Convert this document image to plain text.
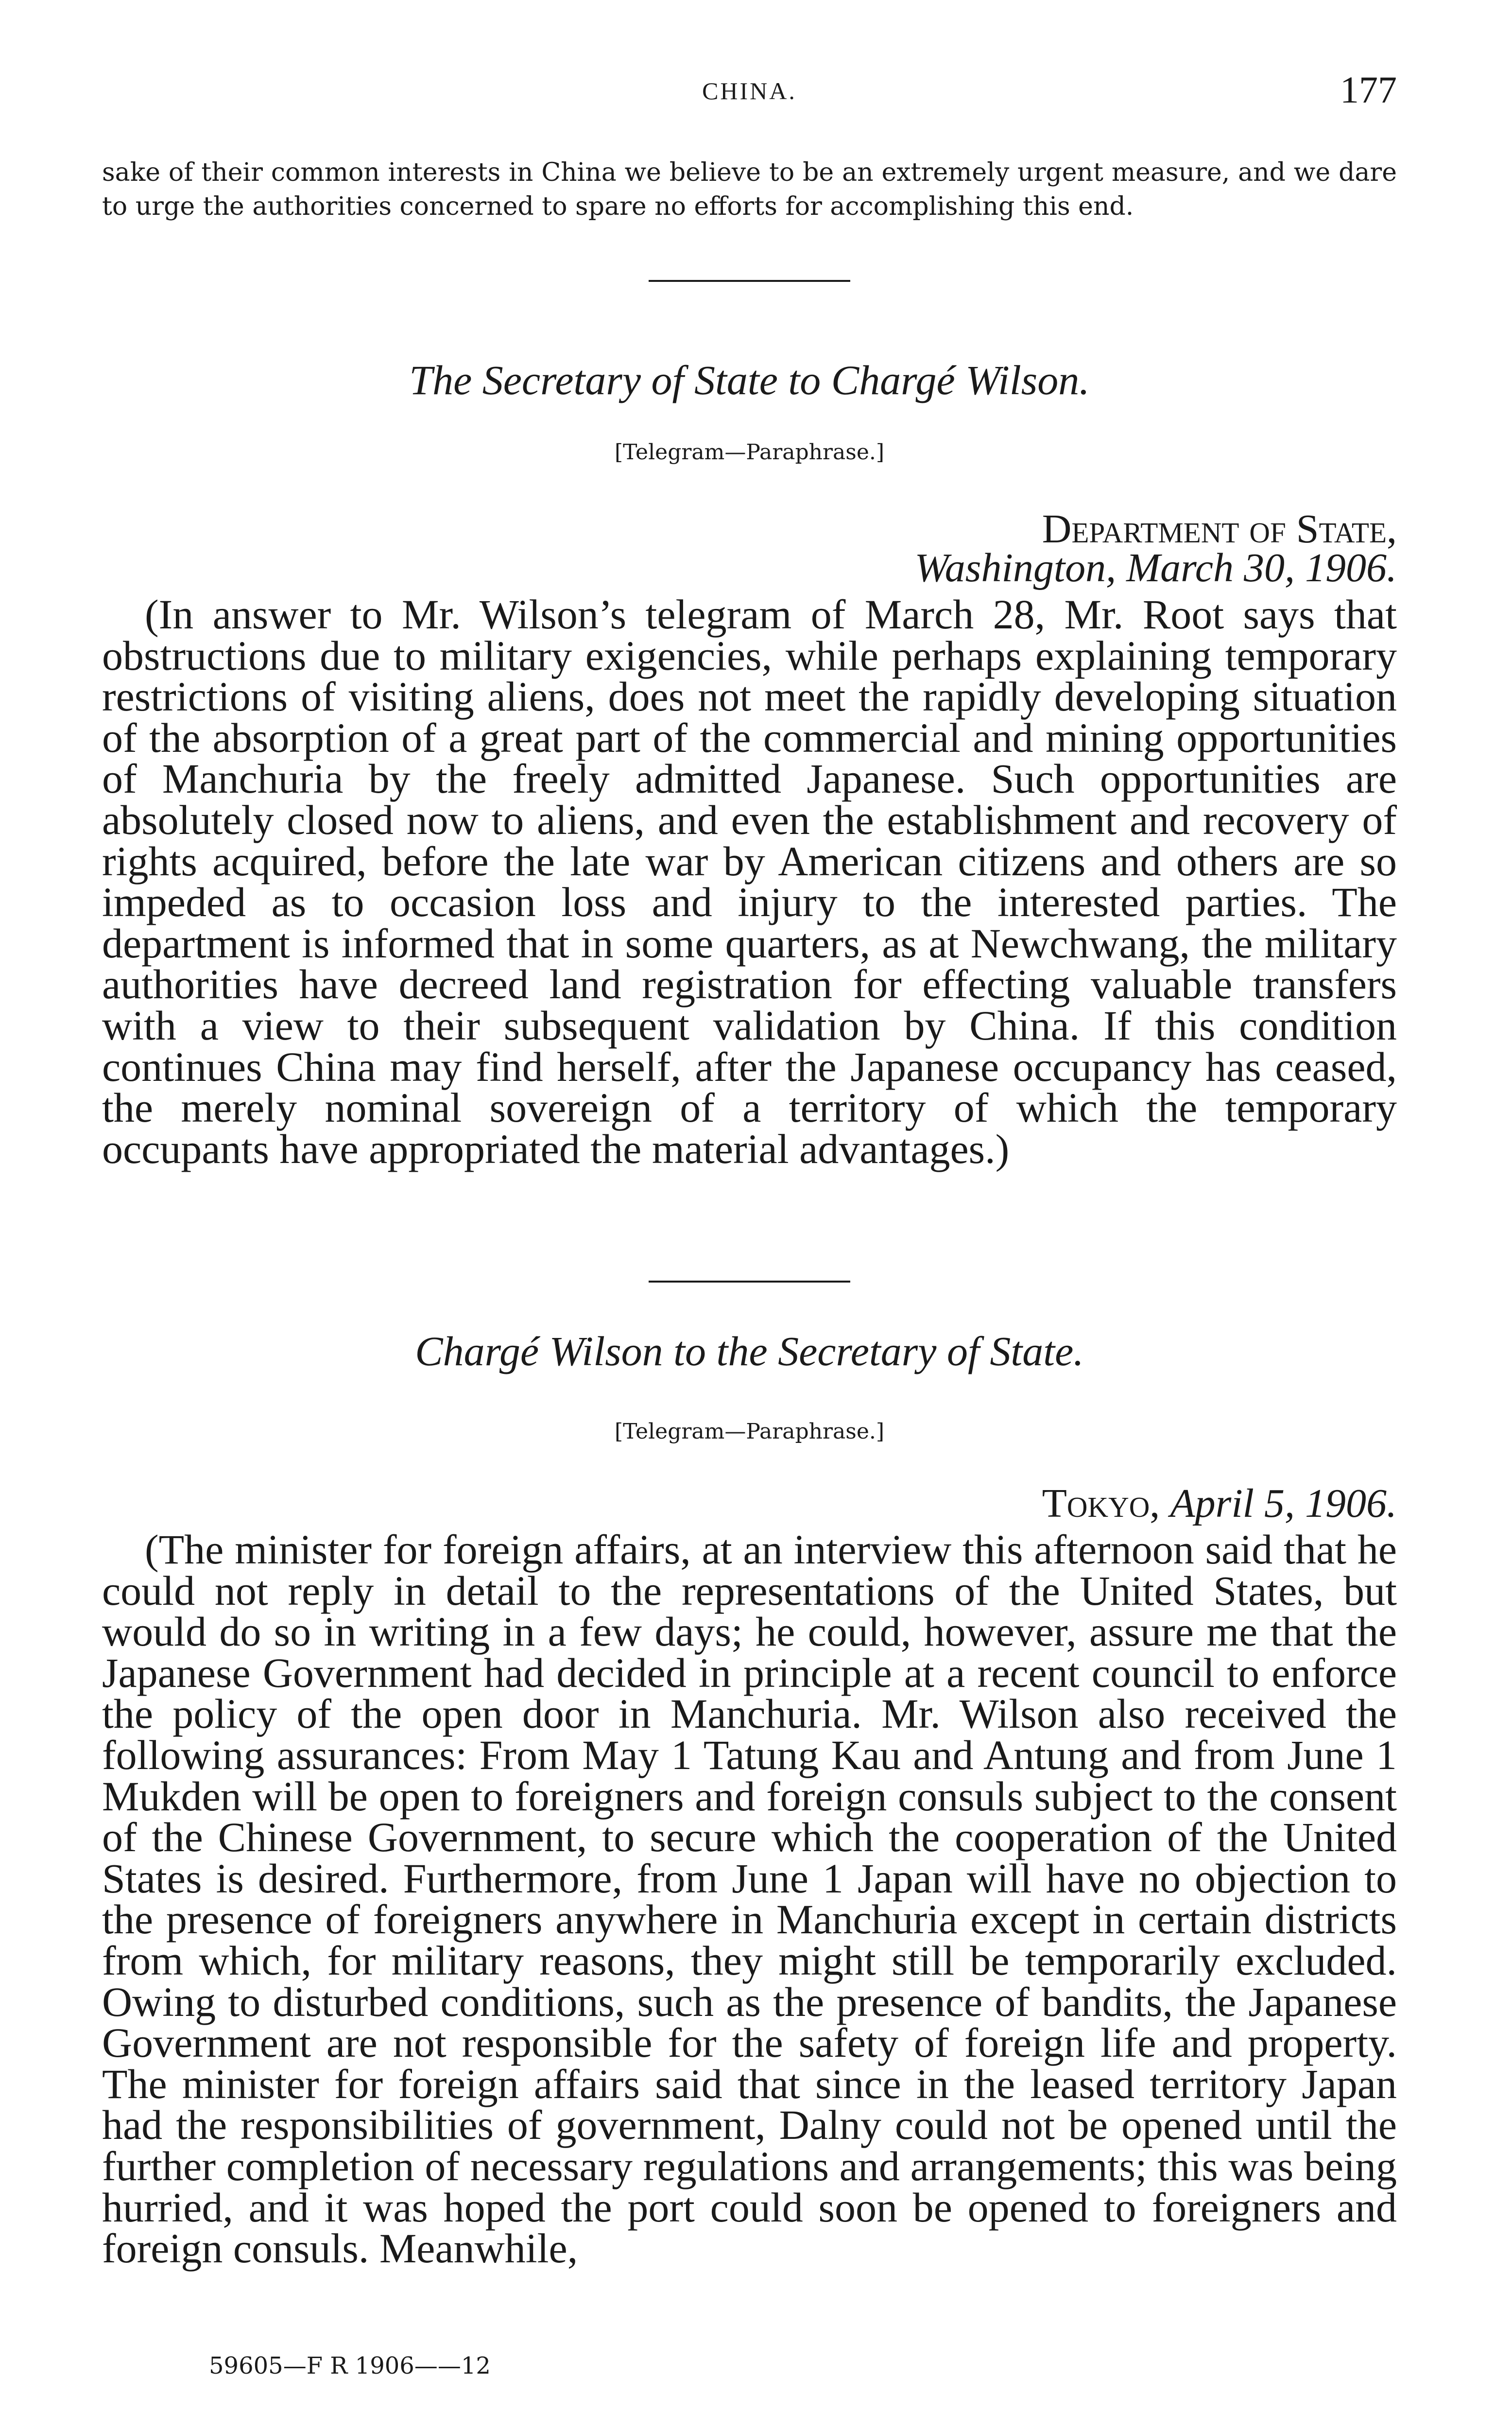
CHINA.	177
sake of their common interests in China we believe to be an extremely urgent measure, and we dare to urge the authorities concerned to spare no efforts for accomplishing this end.
The Secretary of State to Chargé Wilson.
[Telegram—Paraphrase.]
Department of State,
Washington, March 30, 1906.

(In answer to Mr. Wilson’s telegram of March 28, Mr. Root says that obstructions due to military exigencies, while perhaps explaining temporary restrictions of visiting aliens, does not meet the rapidly developing situation of the absorption of a great part of the commercial and mining opportunities of Manchuria by the freely admitted Japanese. Such opportunities are absolutely closed now to aliens, and even the establishment and recovery of rights acquired, before the late war by American citizens and others are so impeded as to occasion loss and injury to the interested parties. The department is informed that in some quarters, as at Newchwang, the military authorities have decreed land registration for effecting valuable transfers with a view to their subsequent validation by China. If this condition continues China may find herself, after the Japanese occupancy has ceased, the merely nominal sovereign of a territory of which the temporary occupants have appropriated the material advantages.)

Chargé Wilson to the Secretary of State.
[Telegram—Paraphrase.]
Tokyo, April 5, 1906.

(The minister for foreign affairs, at an interview this afternoon said that he could not reply in detail to the representations of the United States, but would do so in writing in a few days; he could, however, assure me that the Japanese Government had decided in principle at a recent council to enforce the policy of the open door in Manchuria. Mr. Wilson also received the following assurances: From May 1 Tatung Kau and Antung and from June 1 Mukden will be open to foreigners and foreign consuls subject to the consent of the Chinese Government, to secure which the cooperation of the United States is desired. Furthermore, from June 1 Japan will have no objection to the presence of foreigners anywhere in Manchuria except in certain districts from which, for military reasons, they might still be temporarily excluded. Owing to disturbed conditions, such as the presence of bandits, the Japanese Government are not responsible for the safety of foreign life and property. The minister for foreign affairs said that since in the leased territory Japan had the responsibilities of government, Dalny could not be opened until the further completion of necessary regulations and arrangements; this was being hurried, and it was hoped the port could soon be opened to foreigners and foreign consuls. Meanwhile,

59605—F R 1906——12
